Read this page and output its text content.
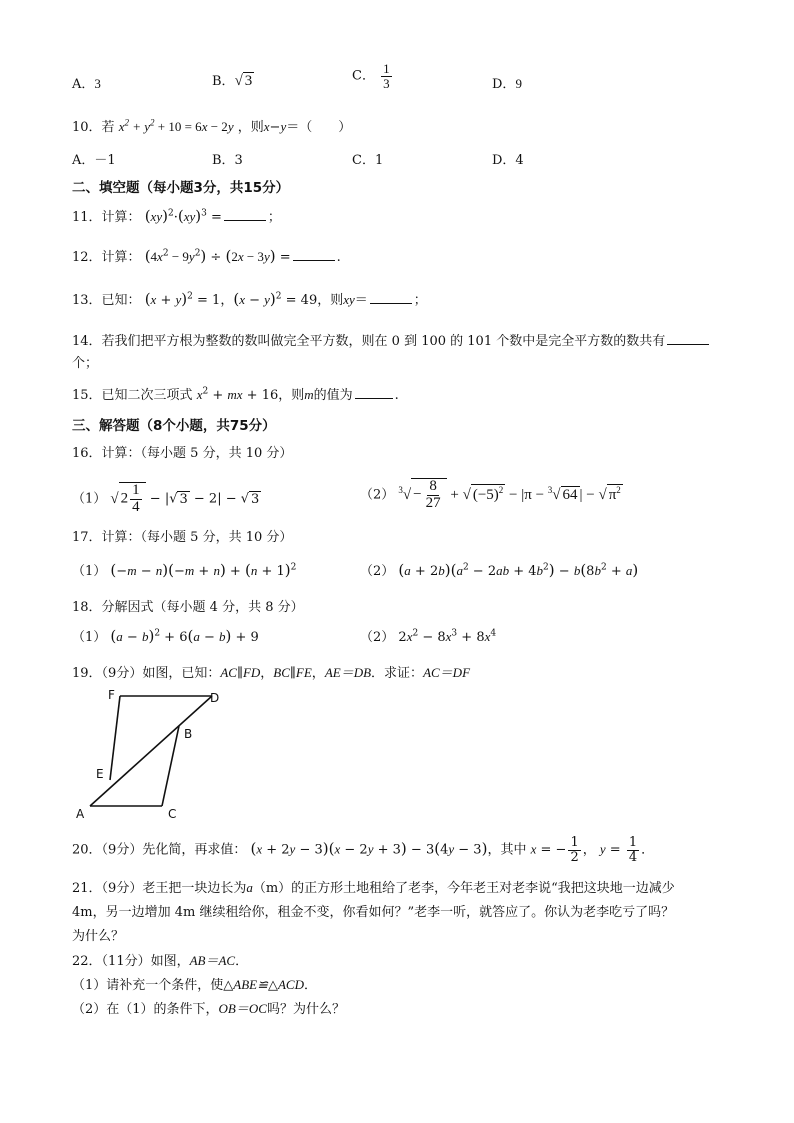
A．3	B．√ 3	C． $\frac{1}{3}$	D．9
10．若 $x^2 + y^2 + 10 = 6x - 2y$ ，则x−y＝（　　）
A．－1	B．3	C．1	D．4
二、填空题（每小题3分，共15分）
11．计算： (xy)$^2$·(xy)$^3$ =	；
12．计算： $(4x^2 - 9y^2) \div (2x - 3y)$ =	.
13．已知： $(x + y)^2 = 1$，$(x - y)^2 = 49$，则xy＝	；
14．若我们把平方根为整数的数叫做完全平方数，则在 0 到 100 的 101 个数中是完全平方数的数共有
个；
15．已知二次三项式 $x^2$ + mx + 16，则m的值为	.
三、解答题（8个小题，共75分）
16．计算：（每小题 5 分，共 10 分）
（1） √ $2 \frac{1}{4}$ − |√ 3 − 2| − √ 3	（2） $^3√ - \frac{8}{27}$ + √ $(-5)^2 - |\pi - ^3√$ 64 | − √ $\pi^2$
17．计算：（每小题 5 分，共 10 分）
（1） $(-m - n)(-m + n) + (n + 1)^2$	（2） $(a + 2b)(a^2 - 2ab + 4b^2) - b(8b^2 + a)$
18．分解因式（每小题 4 分，共 8 分）
（1） $(a - b)^2 + 6(a - b) + 9$	（2） $2x^2 - 8x^3 + 8x^4$
19．（9分）如图，已知：AC∥FD，BC∥FE，AE＝DB．求证：AC＝DF
F	D
B
E
A	C
20．（9分）先化简，再求值： (x + 2y − 3)(x − 2y + 3) − 3(4y − 3)，其中 x = − $\frac{1}{2}$ ， $y = \frac{1}{4}$ ．
21．（9分）老王把一块边长为a（m）的正方形土地租给了老李，今年老王对老李说“我把这块地一边减少
4m，另一边增加 4m 继续租给你，租金不变，你看如何？”老李一听，就答应了。你认为老李吃亏了吗？
为什么？
22．（11分）如图，AB＝AC．
（1）请补充一个条件，使△ABE≌△ACD．
（2）在（1）的条件下，OB＝OC吗？为什么？
